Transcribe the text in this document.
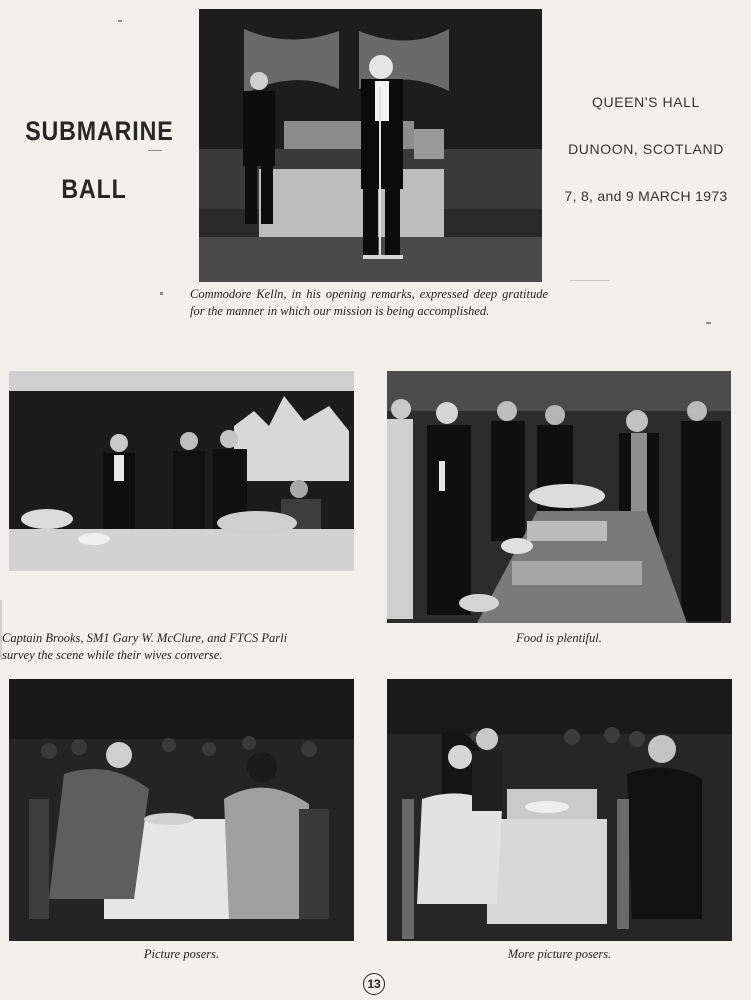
SUBMARINE
BALL
QUEEN'S HALL
DUNOON, SCOTLAND
7, 8, and 9 MARCH 1973
Commodore Kelln, in his opening remarks, expressed deep gratitude for the manner in which our mission is being accomplished.
Captain Brooks, SM1 Gary W. McClure, and FTCS Parli
survey the scene while their wives converse.
Food is plentiful.
Picture posers.	More picture posers.
13
